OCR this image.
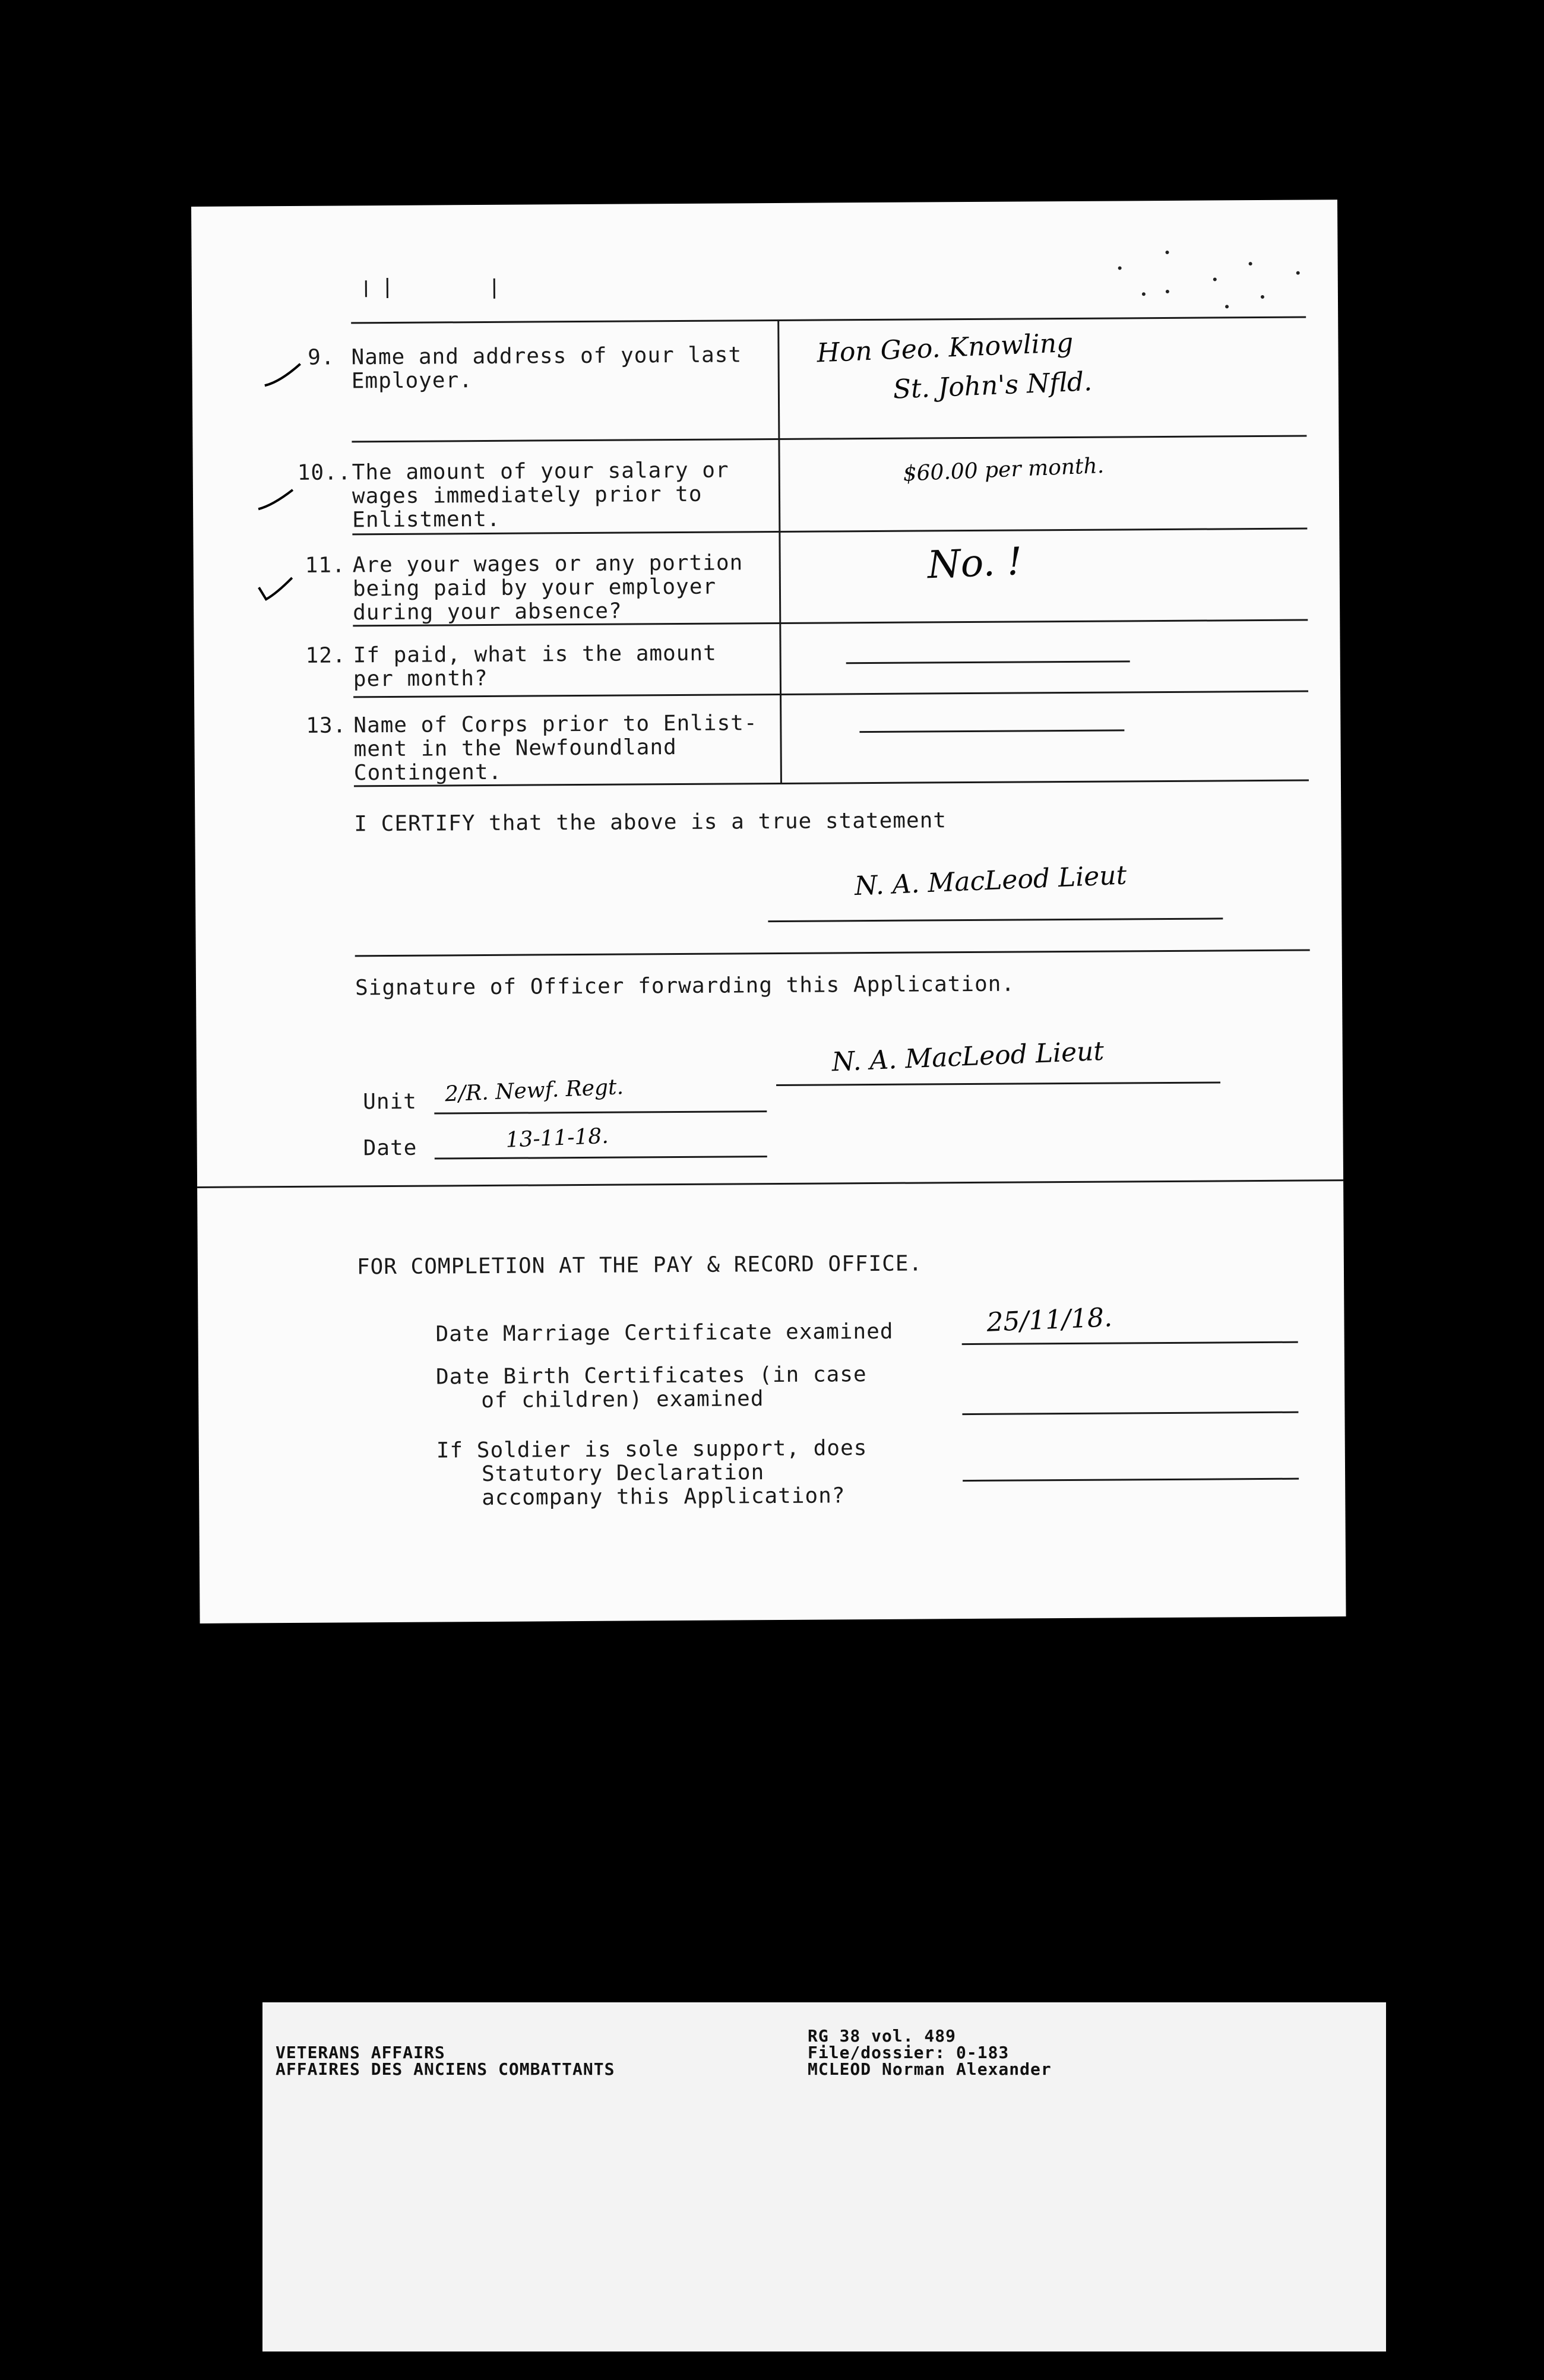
9. Name and address of your last
Employer.
Hon Geo. Knowling
St. John's Nfld.
10.. The amount of your salary or
wages immediately prior to
Enlistment.
$60.00 per month.
11. Are your wages or any portion
being paid by your employer
during your absence?
No. !
12. If paid, what is the amount
per month?
13. Name of Corps prior to Enlist-
ment in the Newfoundland
Contingent.
I CERTIFY that the above is a true statement
N. A. MacLeod Lieut
Signature of Officer forwarding this Application.
N. A. MacLeod Lieut
Unit 2/R. Newf. Regt.
Date	13-11-18.
FOR COMPLETION AT THE PAY & RECORD OFFICE.
Date Marriage Certificate examined	25/11/18.
Date Birth Certificates (in case
of children) examined
If Soldier is sole support, does
Statutory Declaration
accompany this Application?
VETERANS AFFAIRS
AFFAIRES DES ANCIENS COMBATTANTS
RG 38 vol. 489
File/dossier: 0-183
MCLEOD Norman Alexander
